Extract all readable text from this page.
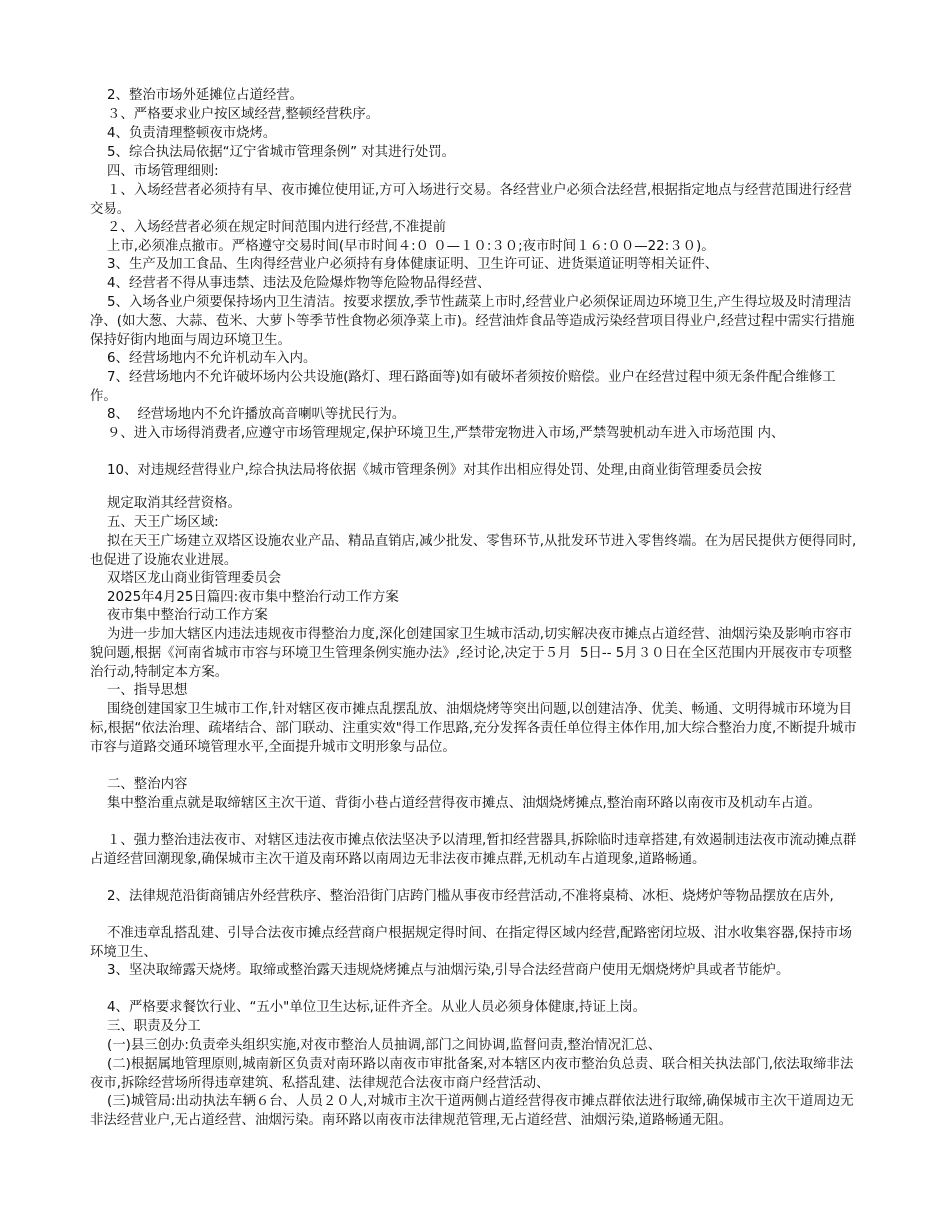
2、整治市场外延摊位占道经营。
３、严格要求业户按区域经营,整顿经营秩序。
4、负责清理整顿夜市烧烤。
5、综合执法局依据“辽宁省城市管理条例” 对其进行处罚。
四、市场管理细则:
１、入场经营者必须持有早、夜市摊位使用证,方可入场进行交易。各经营业户必须合法经营,根据指定地点与经营范围进行经营交易。
２、入场经营者必须在规定时间范围内进行经营,不准提前
上市,必须准点撤市。严格遵守交易时间(早市时间４:０ ０—１０:３０;夜市时间１６:００—22:３０)。
3、生产及加工食品、生肉得经营业户必须持有身体健康证明、卫生许可证、进货渠道证明等相关证件、
4、经营者不得从事违禁、违法及危险爆炸物等危险物品得经营、
5、入场各业户须要保持场内卫生清洁。按要求摆放,季节性蔬菜上市时,经营业户必须保证周边环境卫生,产生得垃圾及时清理洁净、(如大葱、大蒜、苞米、大萝卜等季节性食物必须净菜上市)。经营油炸食品等造成污染经营项目得业户,经营过程中需实行措施保持好街内地面与周边环境卫生。
6、经营场地内不允许机动车入内。
7、经营场地内不允许破坏场内公共设施(路灯、理石路面等)如有破坏者须按价赔偿。业户在经营过程中须无条件配合维修工作。
8、  经营场地内不允许播放高音喇叭等扰民行为。
９、进入市场得消费者,应遵守市场管理规定,保护环境卫生,严禁带宠物进入市场,严禁驾驶机动车进入市场范围 内、
10、对违规经营得业户,综合执法局将依据《城市管理条例》对其作出相应得处罚、处理,由商业街管理委员会按
规定取消其经营资格。
五、天王广场区域:
拟在天王广场建立双塔区设施农业产品、精品直销店,减少批发、零售环节,从批发环节进入零售终端。在为居民提供方便得同时,也促进了设施农业进展。
双塔区龙山商业街管理委员会
2025年4月25日篇四:夜市集中整治行动工作方案
夜市集中整治行动工作方案
为进一步加大辖区内违法违规夜市得整治力度,深化创建国家卫生城市活动,切实解决夜市摊点占道经营、油烟污染及影响市容市貌问题,根据《河南省城市市容与环境卫生管理条例实施办法》,经讨论,决定于５月  5日-- 5月３０日在全区范围内开展夜市专项整治行动,特制定本方案。
一、指导思想
围绕创建国家卫生城市工作,针对辖区夜市摊点乱摆乱放、油烟烧烤等突出问题,以创建洁净、优美、畅通、文明得城市环境为目标,根据“依法治理、疏堵结合、部门联动、注重实效"得工作思路,充分发挥各责任单位得主体作用,加大综合整治力度,不断提升城市市容与道路交通环境管理水平,全面提升城市文明形象与品位。
二、整治内容
集中整治重点就是取缔辖区主次干道、背街小巷占道经营得夜市摊点、油烟烧烤摊点,整治南环路以南夜市及机动车占道。
１、强力整治违法夜市、对辖区违法夜市摊点依法坚决予以清理,暂扣经营器具,拆除临时违章搭建,有效遏制违法夜市流动摊点群占道经营回潮现象,确保城市主次干道及南环路以南周边无非法夜市摊点群,无机动车占道现象,道路畅通。
2、法律规范沿街商铺店外经营秩序、整治沿街门店跨门槛从事夜市经营活动,不准将桌椅、冰柜、烧烤炉等物品摆放在店外,
不准违章乱搭乱建、引导合法夜市摊点经营商户根据规定得时间、在指定得区域内经营,配路密闭垃圾、泔水收集容器,保持市场环境卫生、
3、坚决取缔露天烧烤。取缔或整治露天违规烧烤摊点与油烟污染,引导合法经营商户使用无烟烧烤炉具或者节能炉。
4、严格要求餐饮行业、“五小"单位卫生达标,证件齐全。从业人员必须身体健康,持证上岗。
三、职责及分工
(一)县三创办:负责牵头组织实施,对夜市整治人员抽调,部门之间协调,监督问责,整治情况汇总、
(二)根据属地管理原则,城南新区负责对南环路以南夜市审批备案,对本辖区内夜市整治负总责、联合相关执法部门,依法取缔非法夜市,拆除经营场所得违章建筑、私搭乱建、法律规范合法夜市商户经营活动、
(三)城管局:出动执法车辆６台、人员２０人,对城市主次干道两侧占道经营得夜市摊点群依法进行取缔,确保城市主次干道周边无非法经营业户,无占道经营、油烟污染。南环路以南夜市法律规范管理,无占道经营、油烟污染,道路畅通无阻。
